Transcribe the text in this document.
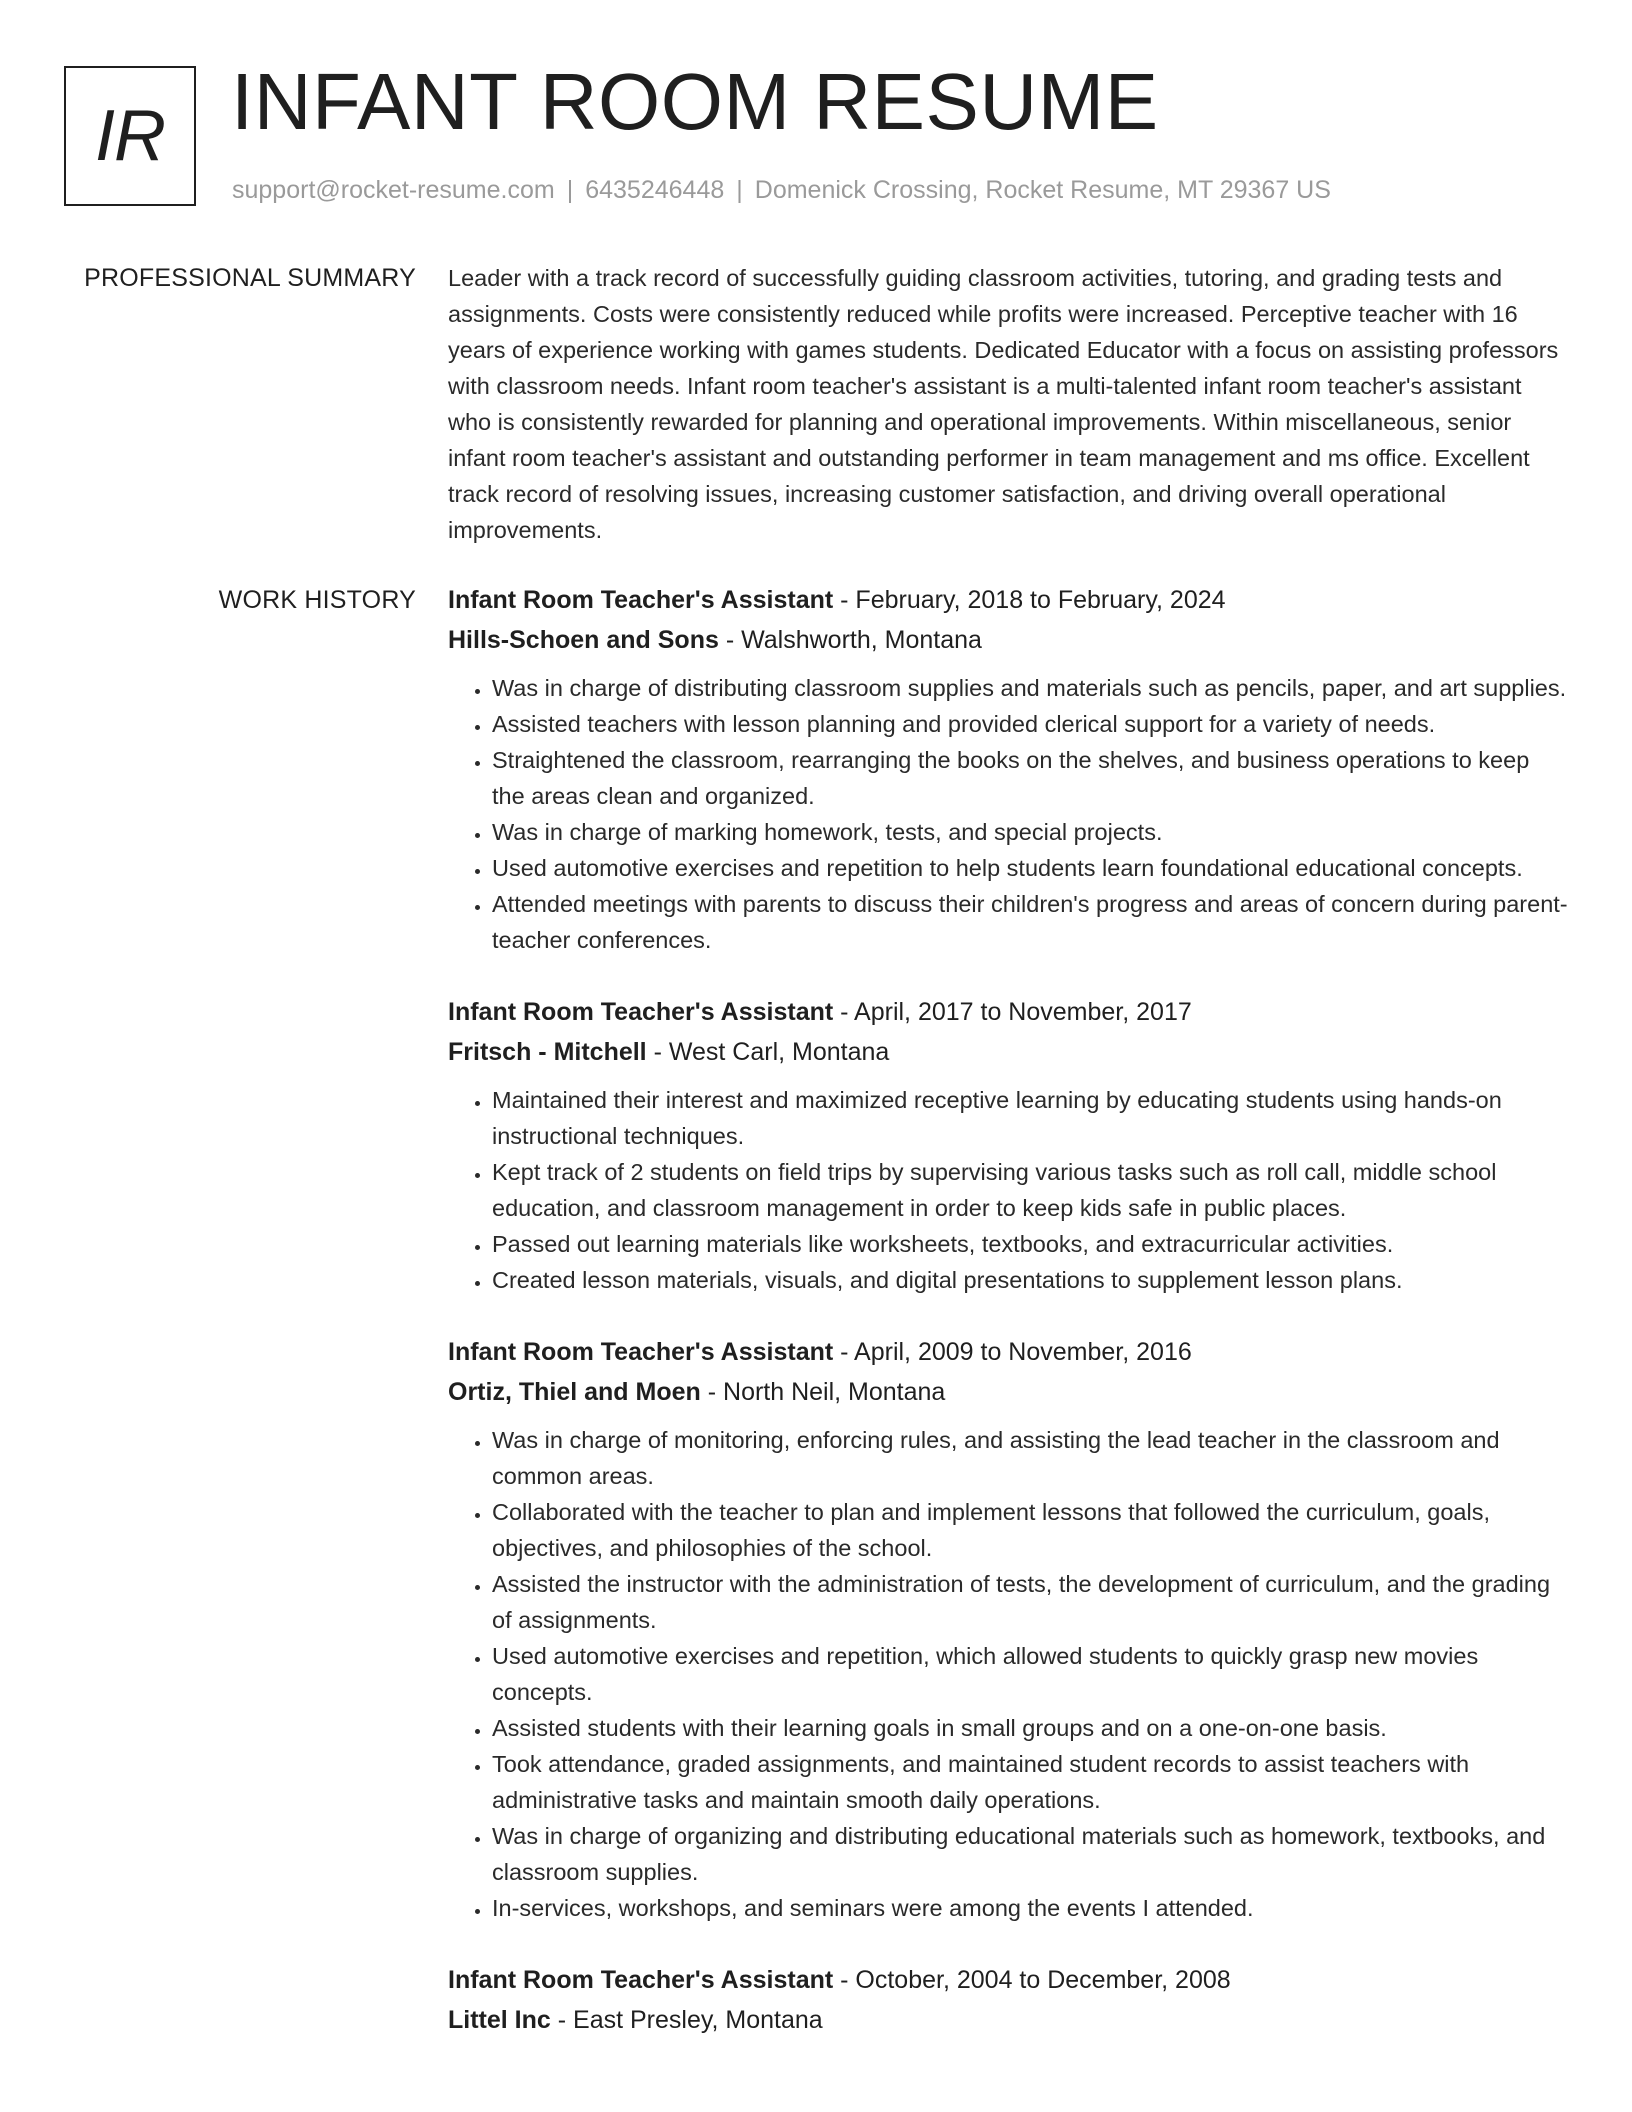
IR INFANT ROOM RESUME
support@rocket-resume.com | 6435246448 | Domenick Crossing, Rocket Resume, MT 29367 US
PROFESSIONAL SUMMARY Leader with a track record of successfully guiding classroom activities, tutoring, and grading tests and assignments. Costs were consistently reduced while profits were increased. Perceptive teacher with 16 years of experience working with games students. Dedicated Educator with a focus on assisting professors with classroom needs. Infant room teacher's assistant is a multi-talented infant room teacher's assistant who is consistently rewarded for planning and operational improvements. Within miscellaneous, senior infant room teacher's assistant and outstanding performer in team management and ms office. Excellent track record of resolving issues, increasing customer satisfaction, and driving overall operational improvements.

WORK HISTORY Infant Room Teacher's Assistant - February, 2018 to February, 2024
Hills-Schoen and Sons - Walshworth, Montana
• Was in charge of distributing classroom supplies and materials such as pencils, paper, and art supplies.
• Assisted teachers with lesson planning and provided clerical support for a variety of needs.
• Straightened the classroom, rearranging the books on the shelves, and business operations to keep the areas clean and organized.
• Was in charge of marking homework, tests, and special projects.
• Used automotive exercises and repetition to help students learn foundational educational concepts.
• Attended meetings with parents to discuss their children's progress and areas of concern during parent-teacher conferences.
Infant Room Teacher's Assistant - April, 2017 to November, 2017
Fritsch - Mitchell - West Carl, Montana
• Maintained their interest and maximized receptive learning by educating students using hands-on instructional techniques.
• Kept track of 2 students on field trips by supervising various tasks such as roll call, middle school education, and classroom management in order to keep kids safe in public places.
• Passed out learning materials like worksheets, textbooks, and extracurricular activities.
• Created lesson materials, visuals, and digital presentations to supplement lesson plans.
Infant Room Teacher's Assistant - April, 2009 to November, 2016
Ortiz, Thiel and Moen - North Neil, Montana
• Was in charge of monitoring, enforcing rules, and assisting the lead teacher in the classroom and common areas.
• Collaborated with the teacher to plan and implement lessons that followed the curriculum, goals, objectives, and philosophies of the school.
• Assisted the instructor with the administration of tests, the development of curriculum, and the grading of assignments.
• Used automotive exercises and repetition, which allowed students to quickly grasp new movies concepts.
• Assisted students with their learning goals in small groups and on a one-on-one basis.
• Took attendance, graded assignments, and maintained student records to assist teachers with administrative tasks and maintain smooth daily operations.
• Was in charge of organizing and distributing educational materials such as homework, textbooks, and classroom supplies.
• In-services, workshops, and seminars were among the events I attended.
Infant Room Teacher's Assistant - October, 2004 to December, 2008
Littel Inc - East Presley, Montana
